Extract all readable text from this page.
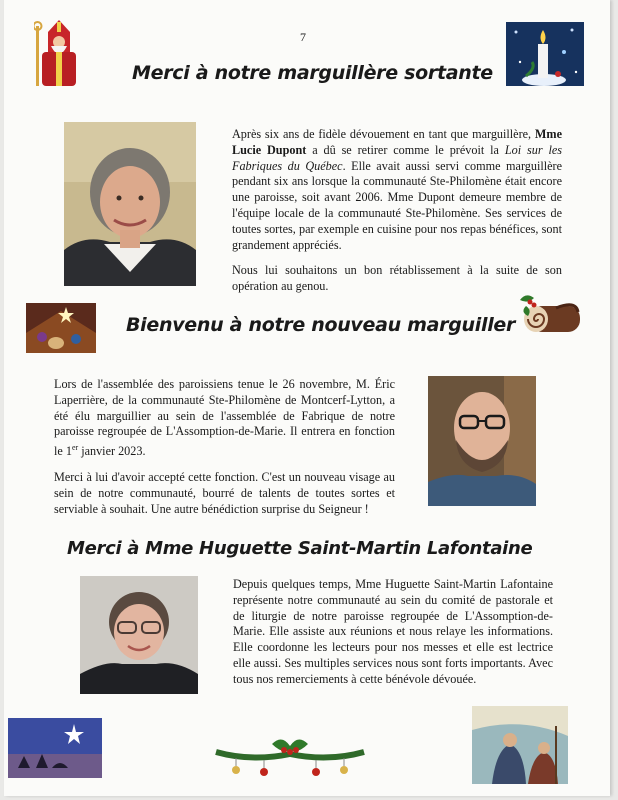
7
Merci à notre marguillère sortante

Après six ans de fidèle dévouement en tant que marguillère, Mme Lucie Dupont a dû se retirer comme le prévoit la Loi sur les Fabriques du Québec. Elle avait aussi servi comme marguillère pendant six ans lorsque la communauté Ste-Philomène était encore une paroisse, soit avant 2006. Mme Dupont demeure membre de l'équipe locale de la communauté Ste-Philomène. Ses services de toutes sortes, par exemple en cuisine pour nos repas bénéfices, sont grandement appréciés.

Nous lui souhaitons un bon rétablissement à la suite de son opération au genou.

Bienvenu à notre nouveau marguiller

Lors de l'assemblée des paroissiens tenue le 26 novembre, M. Éric Laperrière, de la communauté Ste-Philomène de Montcerf-Lytton, a été élu marguillier au sein de l'assemblée de Fabrique de notre paroisse regroupée de L'Assomption-de-Marie. Il entrera en fonction le 1er janvier 2023.

Merci à lui d'avoir accepté cette fonction. C'est un nouveau visage au sein de notre communauté, bourré de talents de toutes sortes et serviable à souhait. Une autre bénédiction surprise du Seigneur !

Merci à Mme Huguette Saint-Martin Lafontaine

Depuis quelques temps, Mme Huguette Saint-Martin Lafontaine représente notre communauté au sein du comité de pastorale et de liturgie de notre paroisse regroupée de L'Assomption-de-Marie. Elle assiste aux réunions et nous relaye les informations. Elle coordonne les lecteurs pour nos messes et elle est lectrice elle aussi. Ses multiples services nous sont forts importants. Avec tous nos remerciements à cette bénévole dévouée.
